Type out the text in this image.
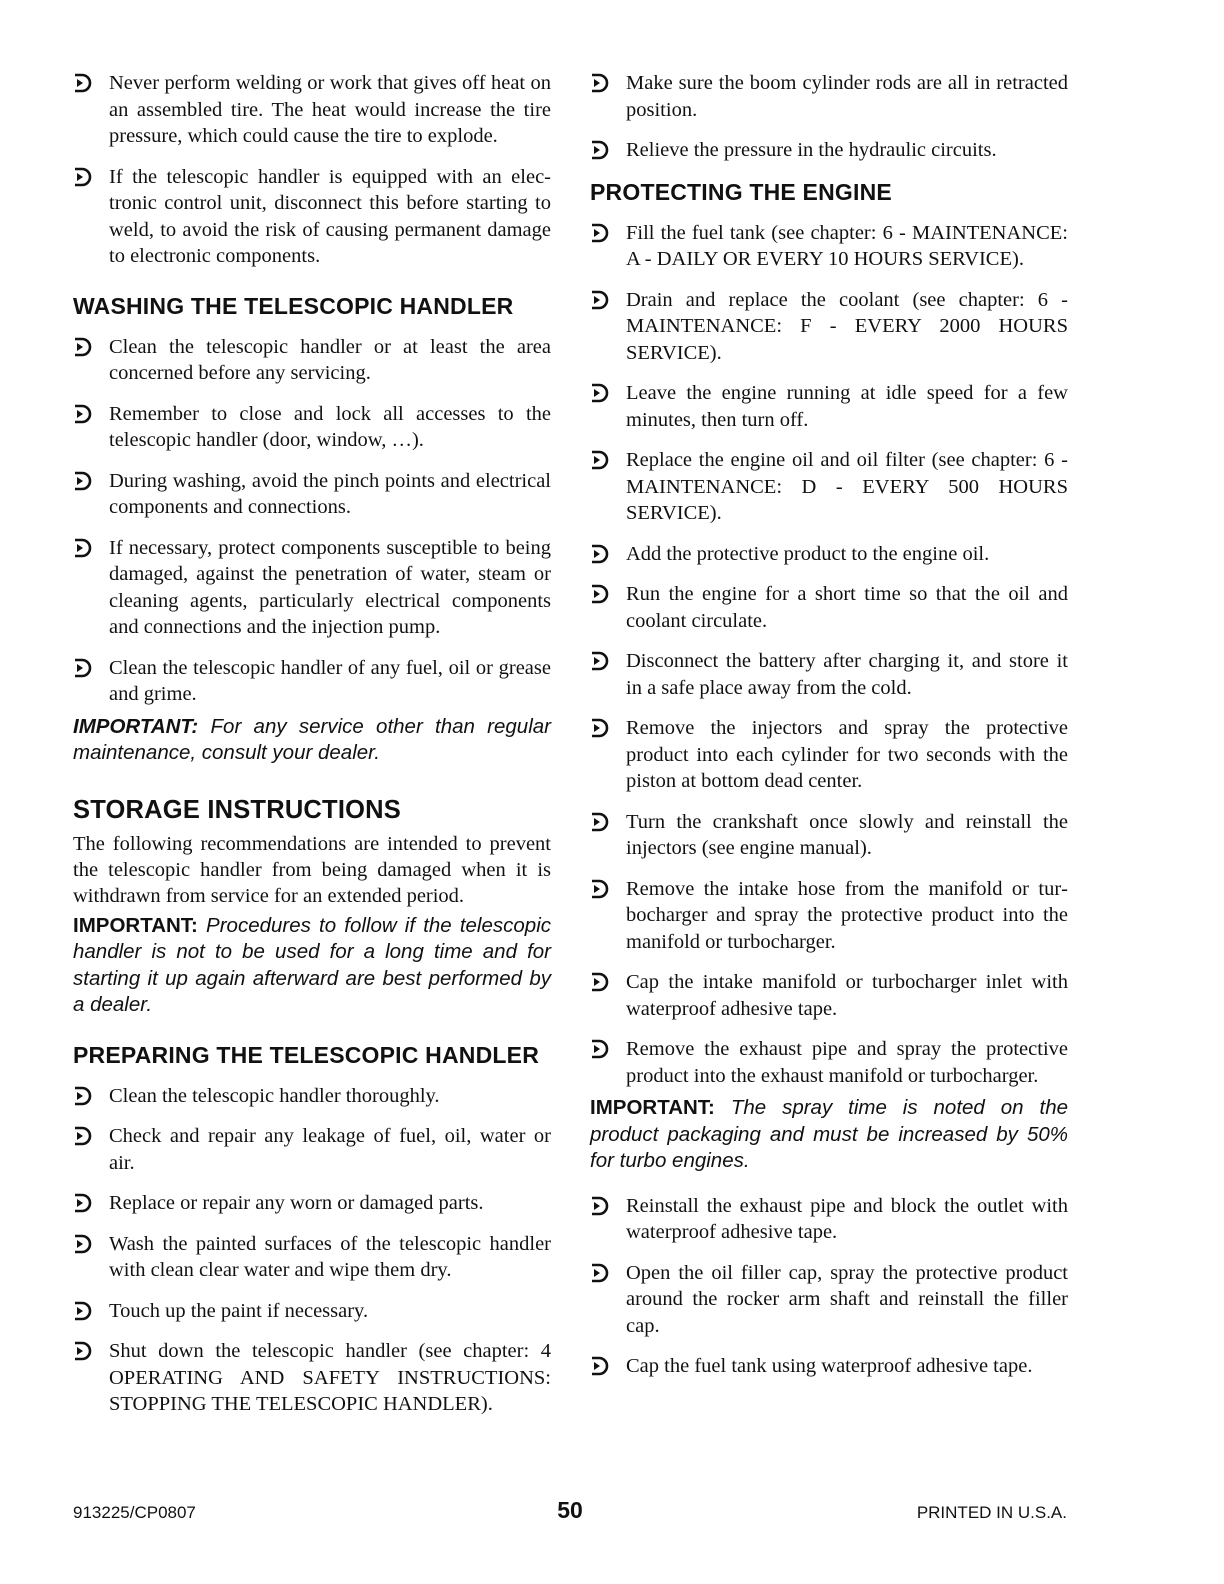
Never perform welding or work that gives off heat on an assembled tire. The heat would increase the tire pressure, which could cause the tire to explode.
If the telescopic handler is equipped with an electronic control unit, disconnect this before starting to weld, to avoid the risk of causing permanent damage to electronic components.
WASHING THE TELESCOPIC HANDLER
Clean the telescopic handler or at least the area concerned before any servicing.
Remember to close and lock all accesses to the telescopic handler (door, window, …).
During washing, avoid the pinch points and electrical components and connections.
If necessary, protect components susceptible to being damaged, against the penetration of water, steam or cleaning agents, particularly electrical components and connections and the injection pump.
Clean the telescopic handler of any fuel, oil or grease and grime.

IMPORTANT: For any service other than regular maintenance, consult your dealer.

STORAGE INSTRUCTIONS

The following recommendations are intended to prevent the telescopic handler from being damaged when it is withdrawn from service for an extended period.

IMPORTANT: Procedures to follow if the telescopic handler is not to be used for a long time and for starting it up again afterward are best performed by a dealer.

PREPARING THE TELESCOPIC HANDLER
Clean the telescopic handler thoroughly.
Check and repair any leakage of fuel, oil, water or air.
Replace or repair any worn or damaged parts.
Wash the painted surfaces of the telescopic handler with clean clear water and wipe them dry.
Touch up the paint if necessary.
Shut down the telescopic handler (see chapter: 4 OPERATING AND SAFETY INSTRUCTIONS: STOPPING THE TELESCOPIC HANDLER).
Make sure the boom cylinder rods are all in retracted position.
Relieve the pressure in the hydraulic circuits.
PROTECTING THE ENGINE
Fill the fuel tank (see chapter: 6 - MAINTENANCE: A - DAILY OR EVERY 10 HOURS SERVICE).
Drain and replace the coolant (see chapter: 6 - MAINTENANCE: F - EVERY 2000 HOURS SERVICE).
Leave the engine running at idle speed for a few minutes, then turn off.
Replace the engine oil and oil filter (see chapter: 6 - MAINTENANCE: D - EVERY 500 HOURS SERVICE).
Add the protective product to the engine oil.
Run the engine for a short time so that the oil and coolant circulate.
Disconnect the battery after charging it, and store it in a safe place away from the cold.
Remove the injectors and spray the protective product into each cylinder for two seconds with the piston at bottom dead center.
Turn the crankshaft once slowly and reinstall the injectors (see engine manual).
Remove the intake hose from the manifold or turbocharger and spray the protective product into the manifold or turbocharger.
Cap the intake manifold or turbocharger inlet with waterproof adhesive tape.
Remove the exhaust pipe and spray the protective product into the exhaust manifold or turbocharger.

IMPORTANT: The spray time is noted on the product packaging and must be increased by 50% for turbo engines.

Reinstall the exhaust pipe and block the outlet with waterproof adhesive tape.
Open the oil filler cap, spray the protective product around the rocker arm shaft and reinstall the filler cap.
Cap the fuel tank using waterproof adhesive tape.
913225/CP0807	50	PRINTED IN U.S.A.
